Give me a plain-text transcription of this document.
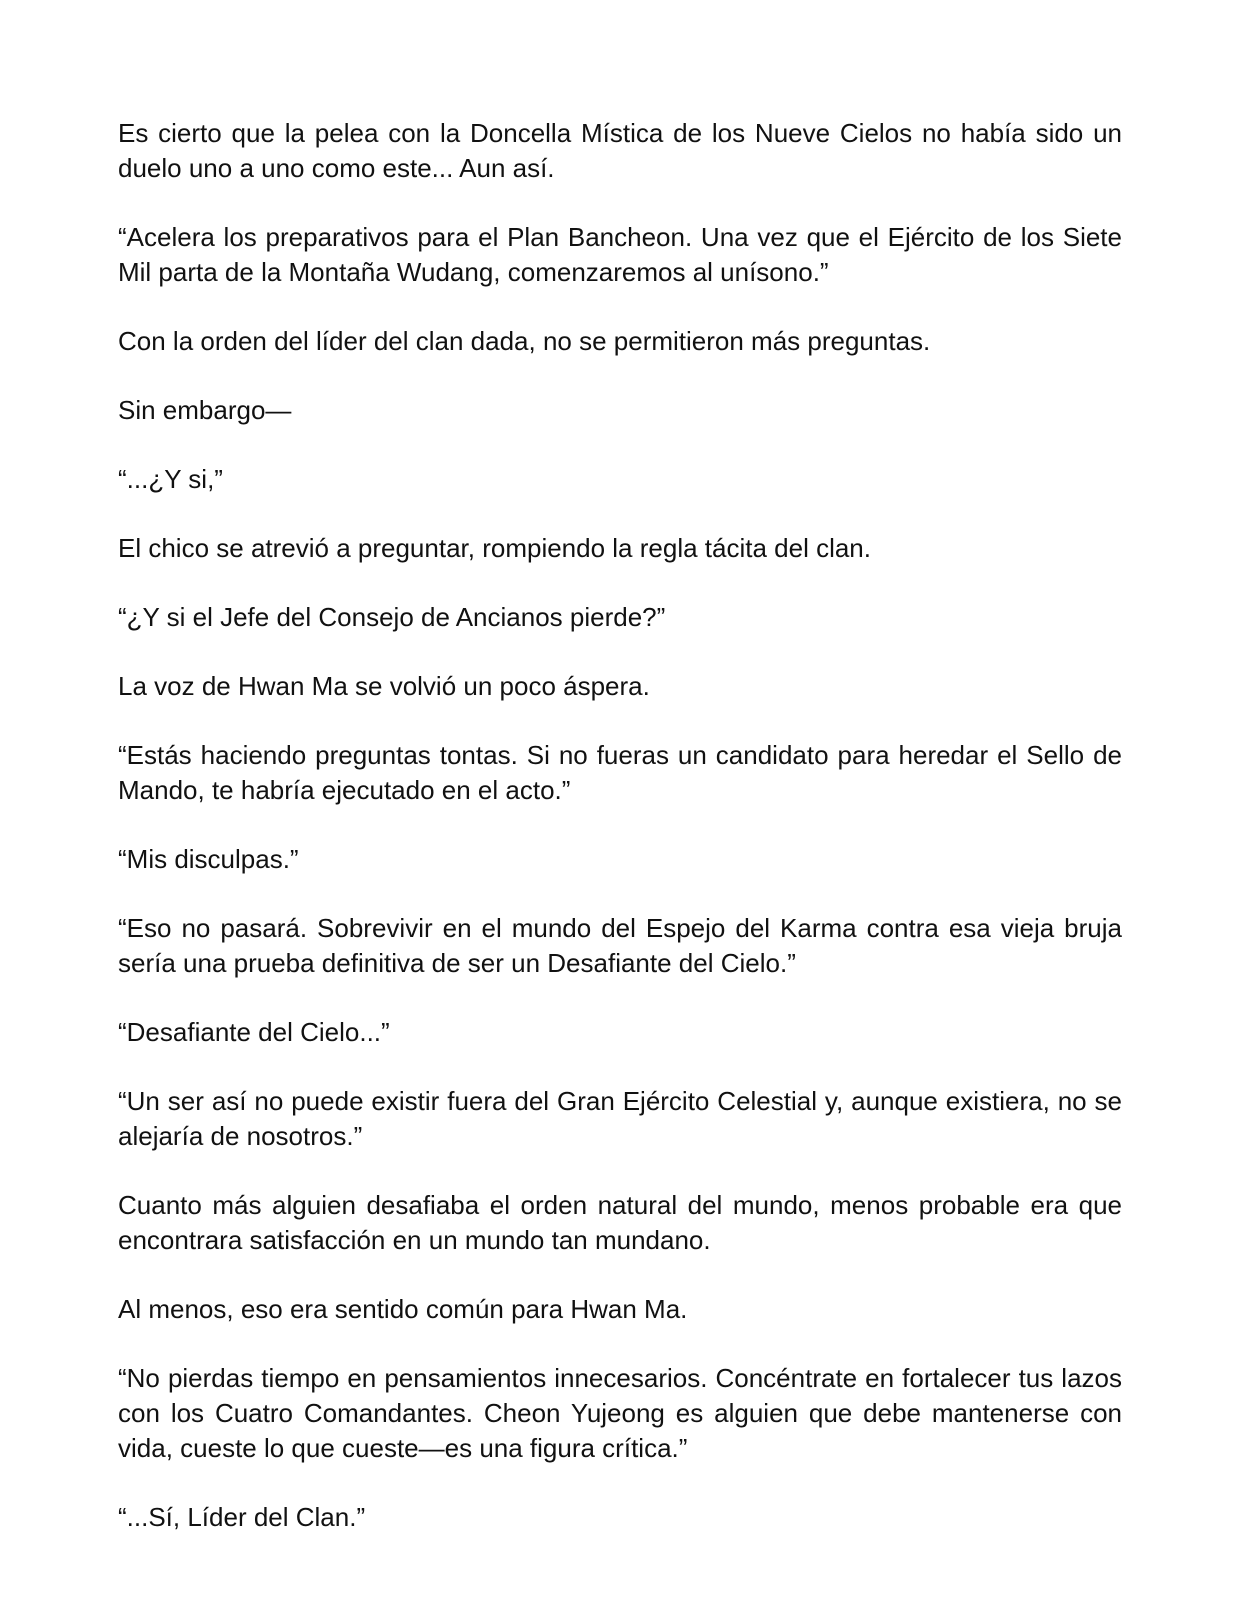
Es cierto que la pelea con la Doncella Mística de los Nueve Cielos no había sido un duelo uno a uno como este... Aun así.

“Acelera los preparativos para el Plan Bancheon. Una vez que el Ejército de los Siete Mil parta de la Montaña Wudang, comenzaremos al unísono.”

Con la orden del líder del clan dada, no se permitieron más preguntas.

Sin embargo—

“...¿Y si,”

El chico se atrevió a preguntar, rompiendo la regla tácita del clan.

“¿Y si el Jefe del Consejo de Ancianos pierde?”

La voz de Hwan Ma se volvió un poco áspera.

“Estás haciendo preguntas tontas. Si no fueras un candidato para heredar el Sello de Mando, te habría ejecutado en el acto.”

“Mis disculpas.”

“Eso no pasará. Sobrevivir en el mundo del Espejo del Karma contra esa vieja bruja sería una prueba definitiva de ser un Desafiante del Cielo.”

“Desafiante del Cielo...”

“Un ser así no puede existir fuera del Gran Ejército Celestial y, aunque existiera, no se alejaría de nosotros.”

Cuanto más alguien desafiaba el orden natural del mundo, menos probable era que encontrara satisfacción en un mundo tan mundano.

Al menos, eso era sentido común para Hwan Ma.

“No pierdas tiempo en pensamientos innecesarios. Concéntrate en fortalecer tus lazos con los Cuatro Comandantes. Cheon Yujeong es alguien que debe mantenerse con vida, cueste lo que cueste—es una figura crítica.”

“...Sí, Líder del Clan.”
